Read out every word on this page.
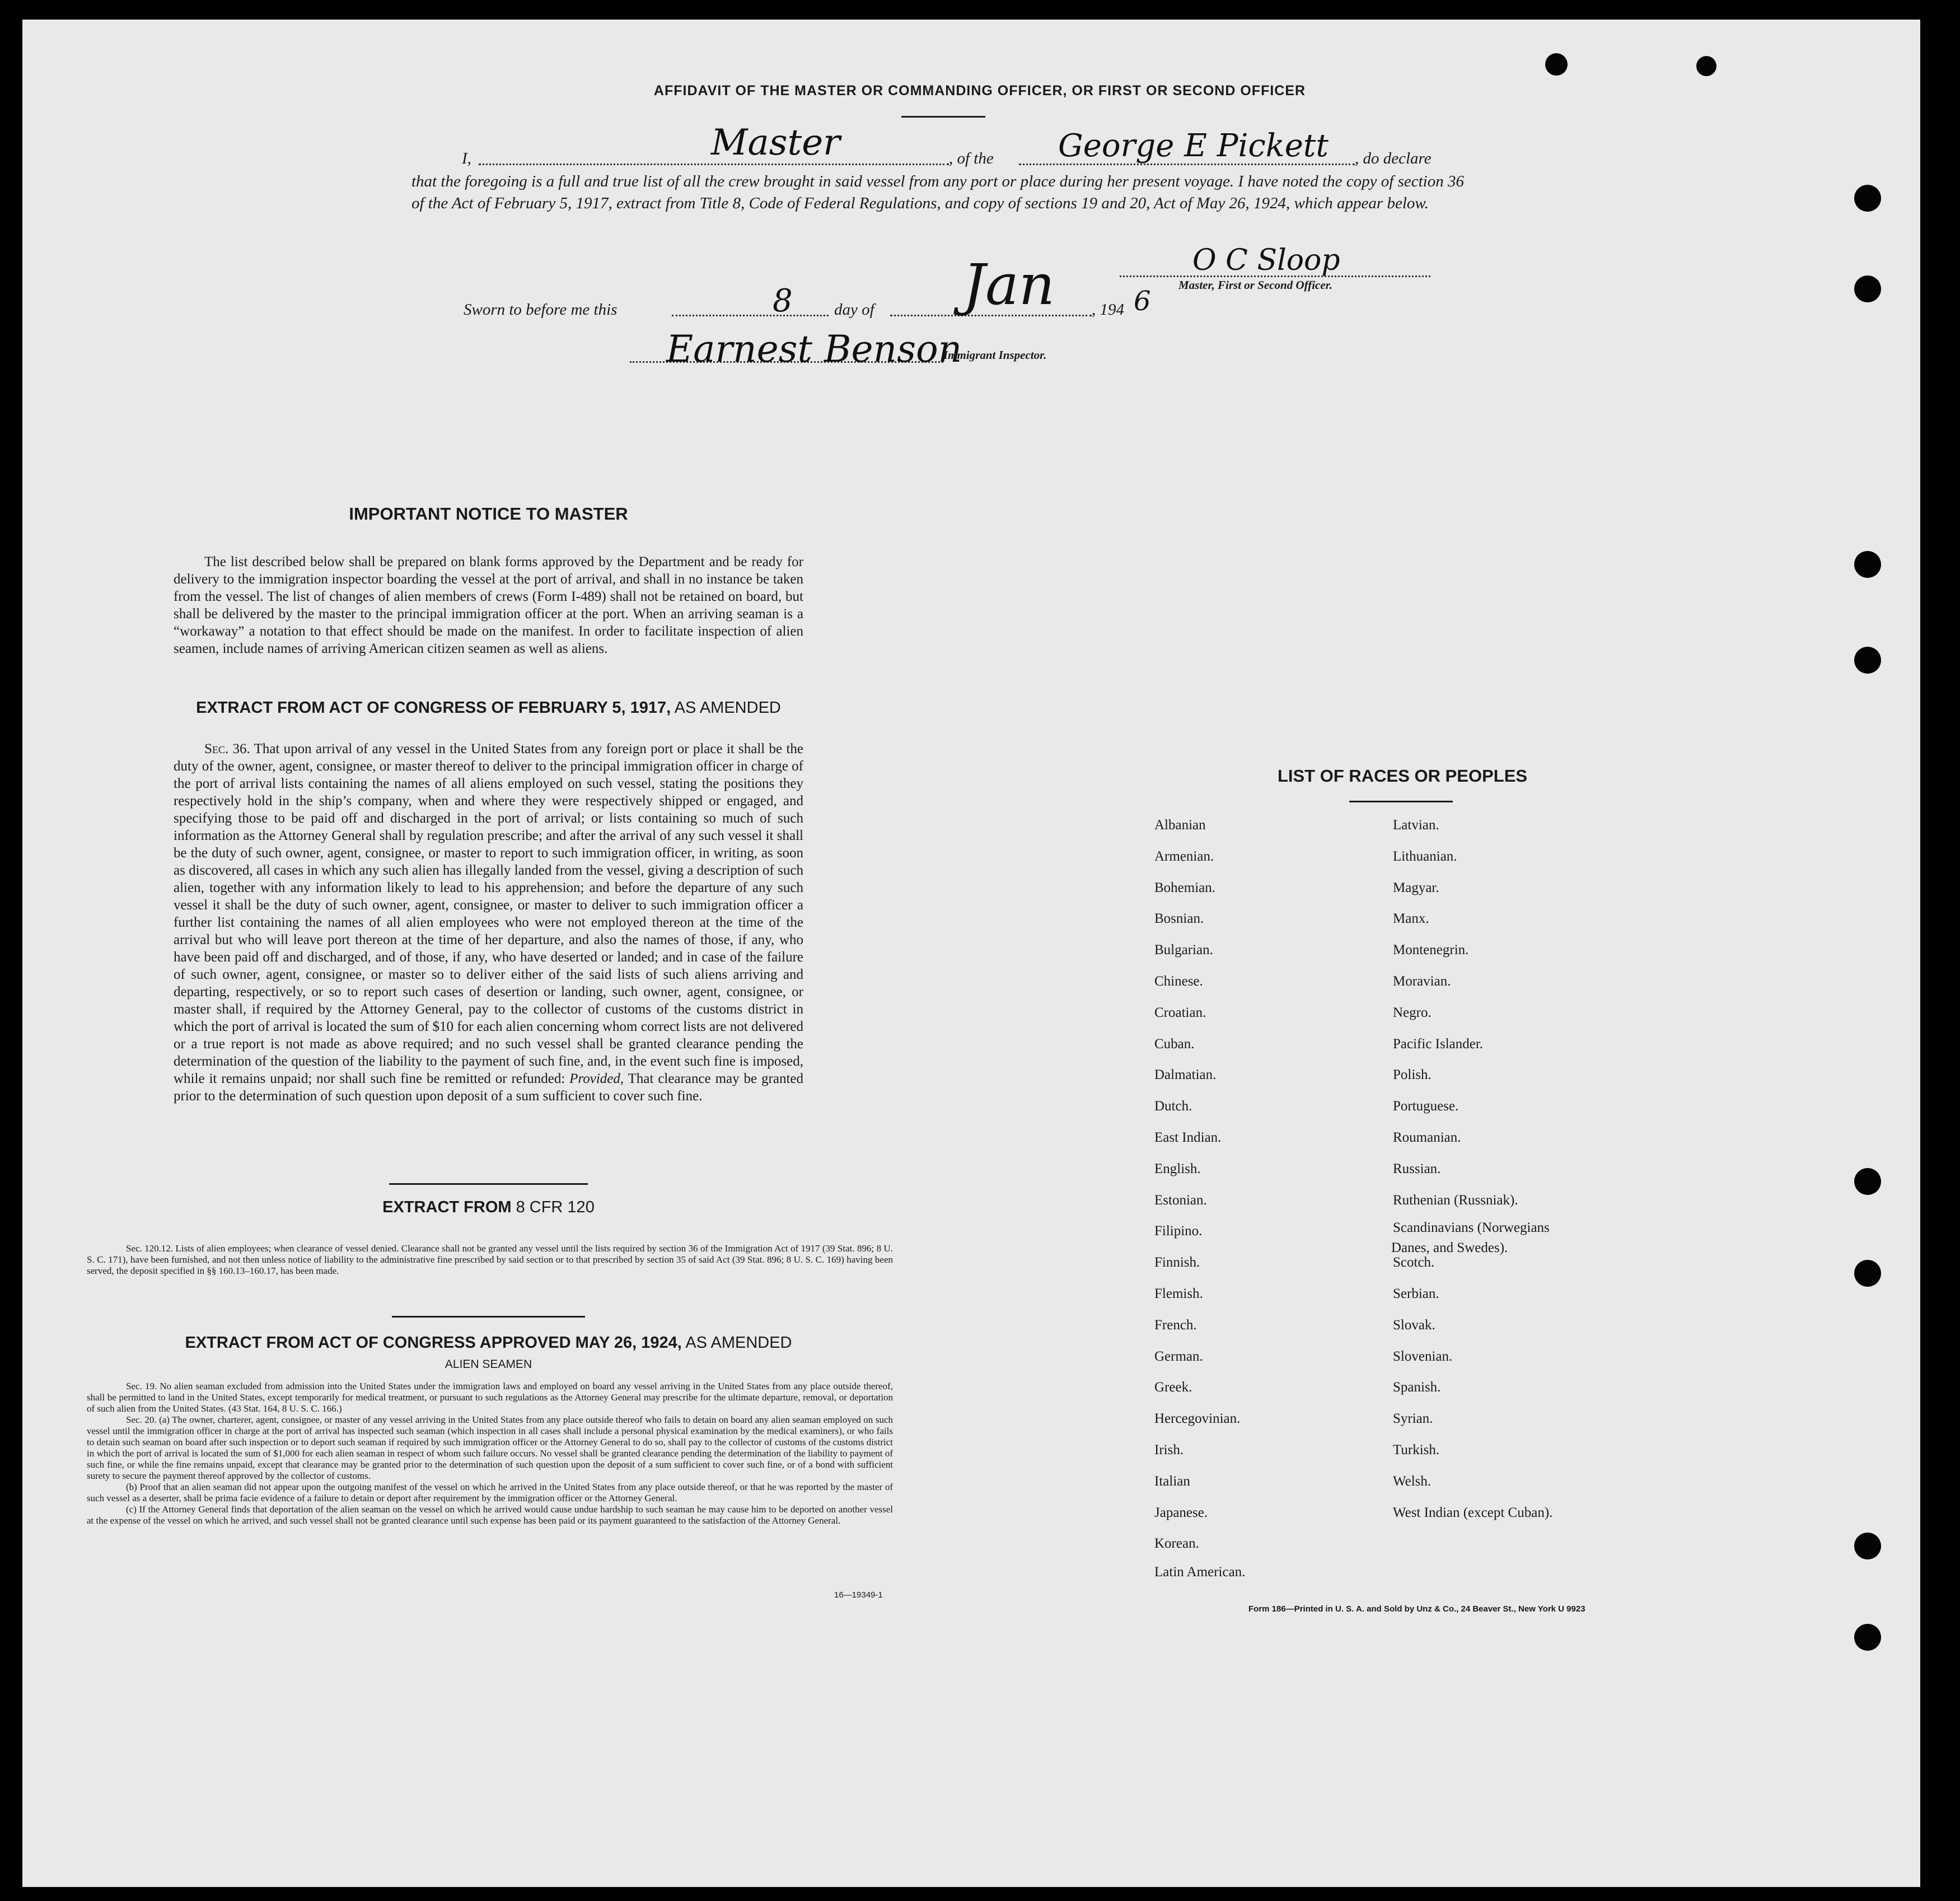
AFFIDAVIT OF THE MASTER OR COMMANDING OFFICER, OR FIRST OR SECOND OFFICER
I,	Master	, of the George E Pickett , do declare
that the foregoing is a full and true list of all the crew brought in said vessel from any port or place during her present voyage. I have noted the copy of section 36 of the Act of February 5, 1917, extract from Title 8, Code of Federal Regulations, and copy of sections 19 and 20, Act of May 26, 1924, which appear below.
O C Sloop
Master, First or Second Officer.
Sworn to before me this	8	day of Jan , 194 6
Earnest Benson
Immigrant Inspector.
IMPORTANT NOTICE TO MASTER
The list described below shall be prepared on blank forms approved by the Department and be ready for delivery to the immigration inspector boarding the vessel at the port of arrival, and shall in no instance be taken from the vessel. The list of changes of alien members of crews (Form I-489) shall not be retained on board, but shall be delivered by the master to the principal immigration officer at the port. When an arriving seaman is a “workaway” a notation to that effect should be made on the manifest. In order to facilitate inspection of alien seamen, include names of arriving American citizen seamen as well as aliens.
EXTRACT FROM ACT OF CONGRESS OF FEBRUARY 5, 1917, AS AMENDED
Sec. 36. That upon arrival of any vessel in the United States from any foreign port or place it shall be the duty of the owner, agent, consignee, or master thereof to deliver to the principal immigration officer in charge of the port of arrival lists containing the names of all aliens employed on such vessel, stating the positions they respectively hold in the ship’s company, when and where they were respectively shipped or engaged, and specifying those to be paid off and discharged in the port of arrival; or lists containing so much of such information as the Attorney General shall by regulation prescribe; and after the arrival of any such vessel it shall be the duty of such owner, agent, consignee, or master to report to such immigration officer, in writing, as soon as discovered, all cases in which any such alien has illegally landed from the vessel, giving a description of such alien, together with any information likely to lead to his apprehension; and before the departure of any such vessel it shall be the duty of such owner, agent, consignee, or master to deliver to such immigration officer a further list containing the names of all alien employees who were not employed thereon at the time of the arrival but who will leave port thereon at the time of her departure, and also the names of those, if any, who have been paid off and discharged, and of those, if any, who have deserted or landed; and in case of the failure of such owner, agent, consignee, or master so to deliver either of the said lists of such aliens arriving and departing, respectively, or so to report such cases of desertion or landing, such owner, agent, consignee, or master shall, if required by the Attorney General, pay to the collector of customs of the customs district in which the port of arrival is located the sum of $10 for each alien concerning whom correct lists are not delivered or a true report is not made as above required; and no such vessel shall be granted clearance pending the determination of the question of the liability to the payment of such fine, and, in the event such fine is imposed, while it remains unpaid; nor shall such fine be remitted or refunded: Provided, That clearance may be granted prior to the determination of such question upon deposit of a sum sufficient to cover such fine.
EXTRACT FROM 8 CFR 120
Sec. 120.12. Lists of alien employees; when clearance of vessel denied. Clearance shall not be granted any vessel until the lists required by section 36 of the Immigration Act of 1917 (39 Stat. 896; 8 U. S. C. 171), have been furnished, and not then unless notice of liability to the administrative fine prescribed by said section or to that prescribed by section 35 of said Act (39 Stat. 896; 8 U. S. C. 169) having been served, the deposit specified in §§ 160.13–160.17, has been made.
EXTRACT FROM ACT OF CONGRESS APPROVED MAY 26, 1924, AS AMENDED
ALIEN SEAMEN
Sec. 19. No alien seaman excluded from admission into the United States under the immigration laws and employed on board any vessel arriving in the United States from any place outside thereof, shall be permitted to land in the United States, except temporarily for medical treatment, or pursuant to such regulations as the Attorney General may prescribe for the ultimate departure, removal, or deportation of such alien from the United States. (43 Stat. 164, 8 U. S. C. 166.)
Sec. 20. (a) The owner, charterer, agent, consignee, or master of any vessel arriving in the United States from any place outside thereof who fails to detain on board any alien seaman employed on such vessel until the immigration officer in charge at the port of arrival has inspected such seaman (which inspection in all cases shall include a personal physical examination by the medical examiners), or who fails to detain such seaman on board after such inspection or to deport such seaman if required by such immigration officer or the Attorney General to do so, shall pay to the collector of customs of the customs district in which the port of arrival is located the sum of $1,000 for each alien seaman in respect of whom such failure occurs. No vessel shall be granted clearance pending the determination of the liability to payment of such fine, or while the fine remains unpaid, except that clearance may be granted prior to the determination of such question upon the deposit of a sum sufficient to cover such fine, or of a bond with sufficient surety to secure the payment thereof approved by the collector of customs.
(b) Proof that an alien seaman did not appear upon the outgoing manifest of the vessel on which he arrived in the United States from any place outside thereof, or that he was reported by the master of such vessel as a deserter, shall be prima facie evidence of a failure to detain or deport after requirement by the immigration officer or the Attorney General.
(c) If the Attorney General finds that deportation of the alien seaman on the vessel on which he arrived would cause undue hardship to such seaman he may cause him to be deported on another vessel at the expense of the vessel on which he arrived, and such vessel shall not be granted clearance until such expense has been paid or its payment guaranteed to the satisfaction of the Attorney General.
16—19349-1
LIST OF RACES OR PEOPLES
Albanian
Armenian.
Bohemian.
Bosnian.
Bulgarian.
Chinese.
Croatian.
Cuban.
Dalmatian.
Dutch.
East Indian.
English.
Estonian.
Filipino.
Finnish.
Flemish.
French.
German.
Greek.
Hercegovinian.
Irish.
Italian
Japanese.
Korean.
Latin American.
Latvian.
Lithuanian.
Magyar.
Manx.
Montenegrin.
Moravian.
Negro.
Pacific Islander.
Polish.
Portuguese.
Roumanian.
Russian.
Ruthenian (Russniak).
Scandinavians (Norwegians
Danes, and Swedes).
Scotch.
Serbian.
Slovak.
Slovenian.
Spanish.
Syrian.
Turkish.
Welsh.
West Indian (except Cuban).
Form 186—Printed in U. S. A. and Sold by Unz & Co., 24 Beaver St., New York U 9923
